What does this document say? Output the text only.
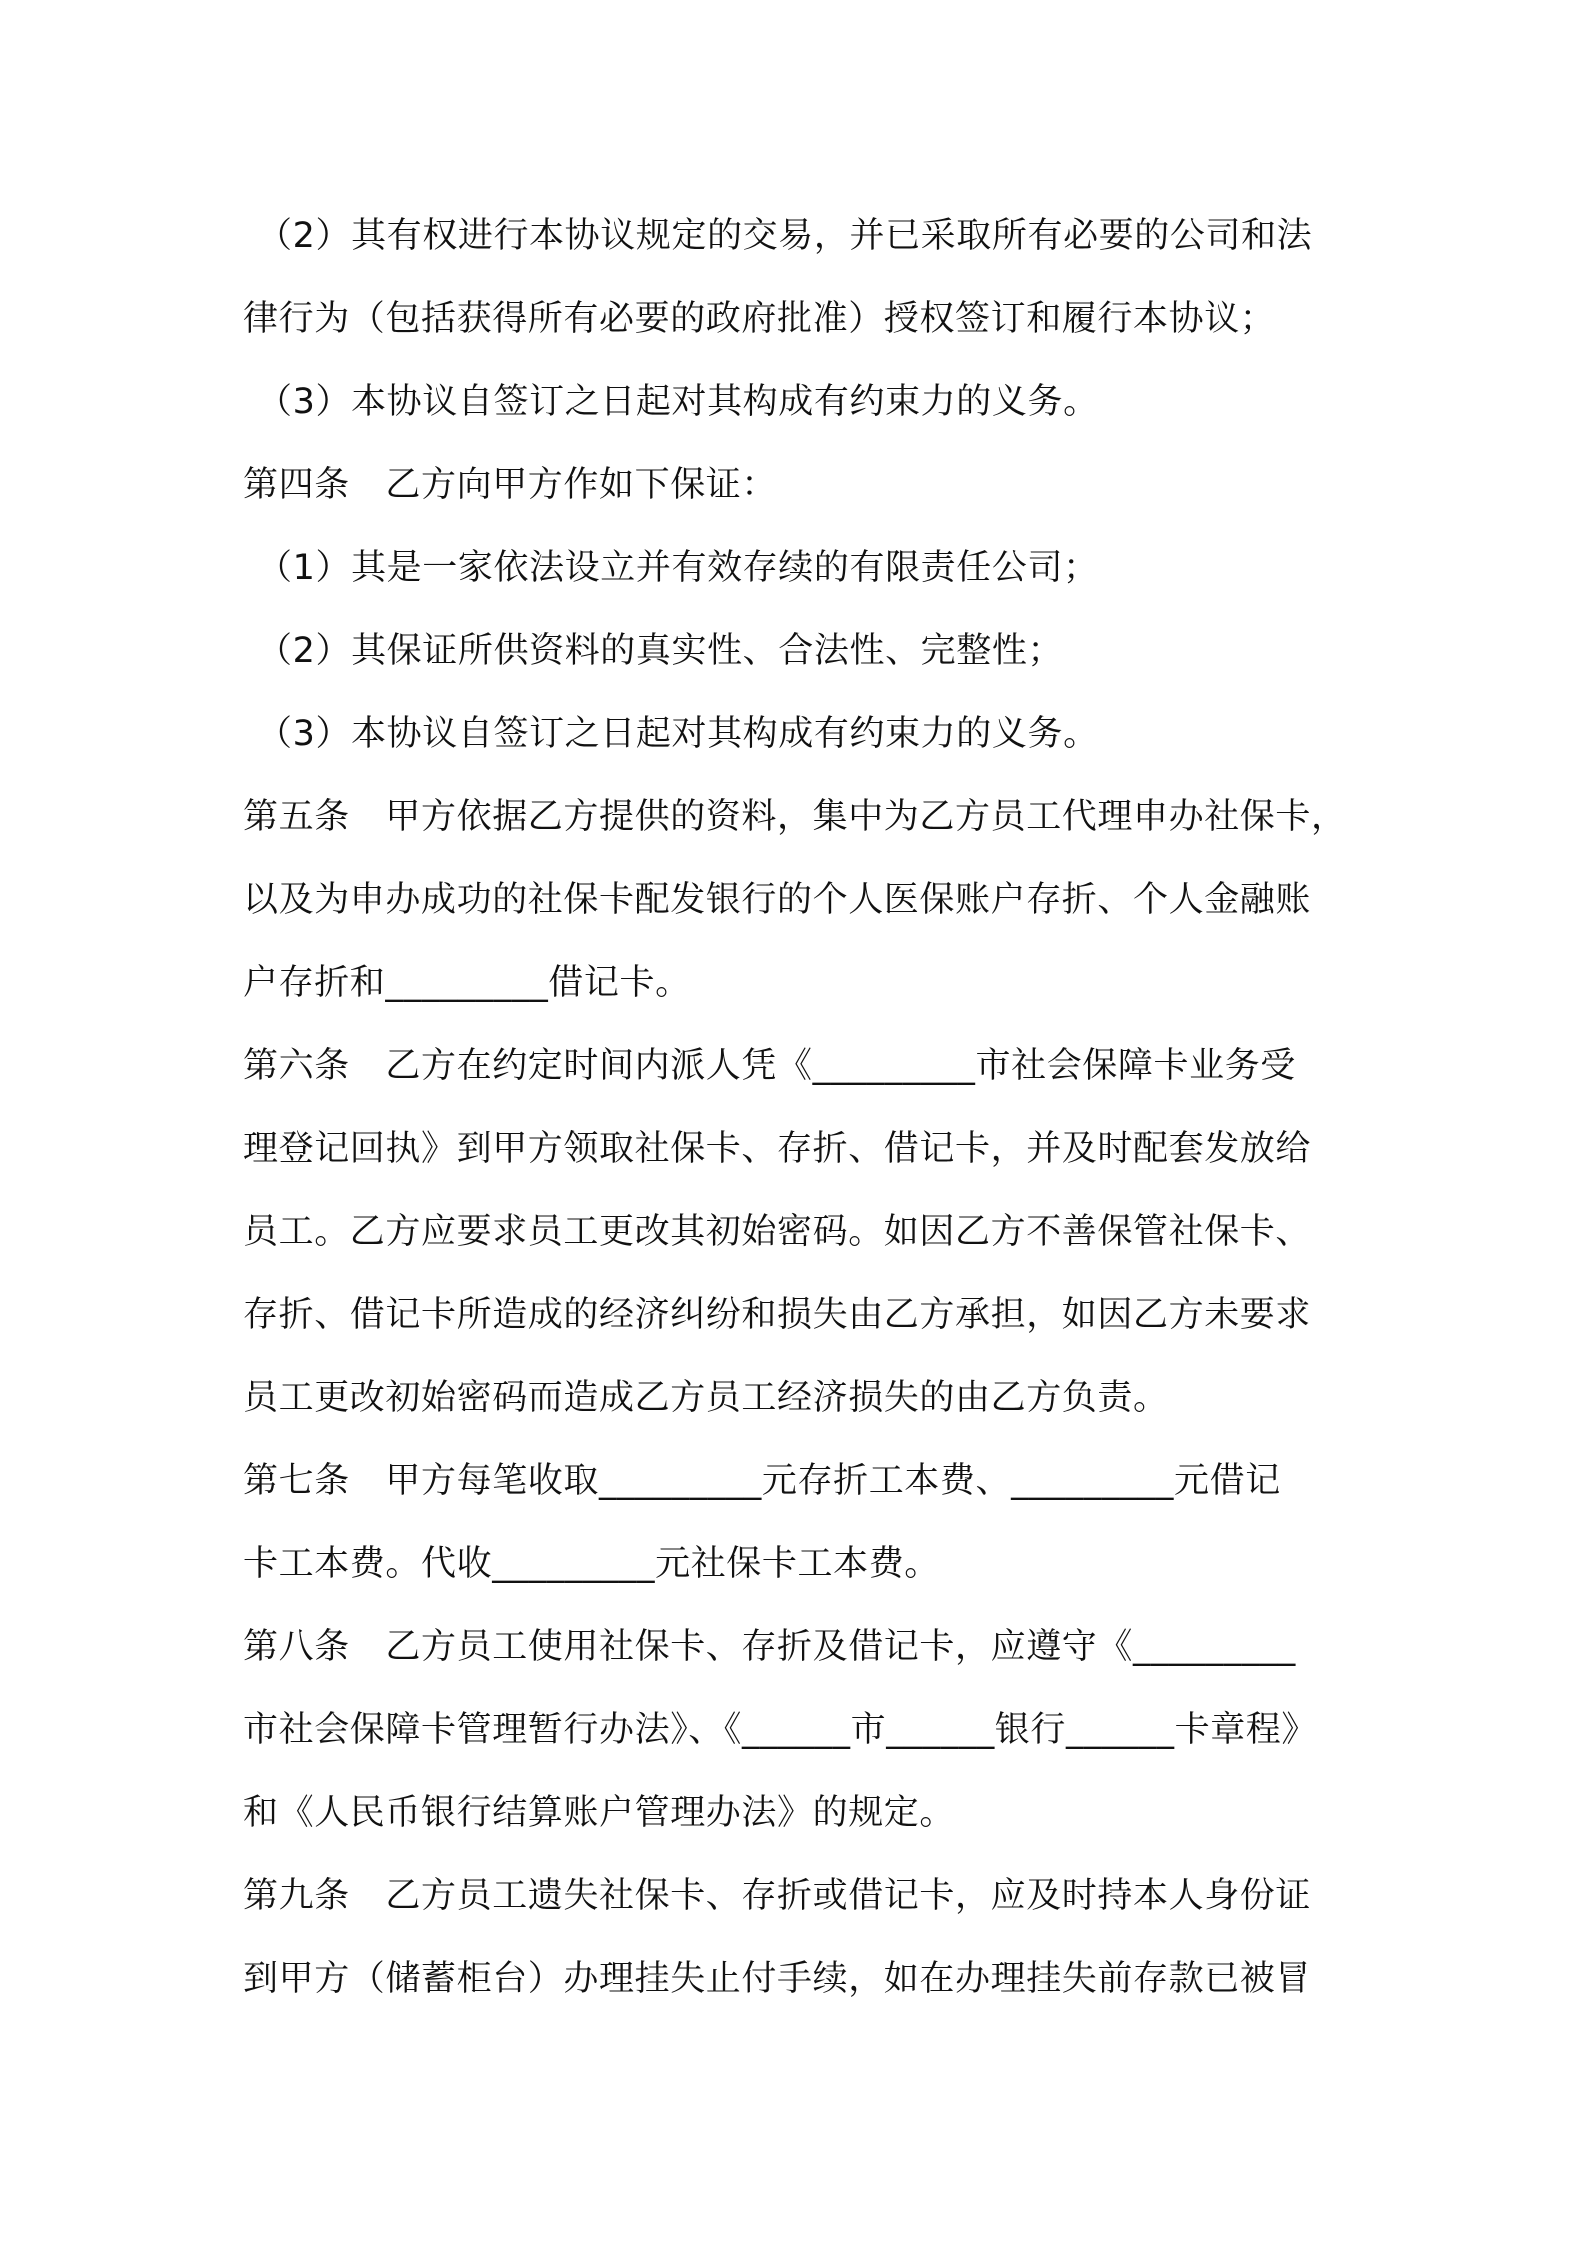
（2）其有权进行本协议规定的交易，并已采取所有必要的公司和法
律行为（包括获得所有必要的政府批准）授权签订和履行本协议；
（3）本协议自签订之日起对其构成有约束力的义务。
第四条　乙方向甲方作如下保证：
（1）其是一家依法设立并有效存续的有限责任公司；
（2）其保证所供资料的真实性、合法性、完整性；
（3）本协议自签订之日起对其构成有约束力的义务。
第五条　甲方依据乙方提供的资料，集中为乙方员工代理申办社保卡，
以及为申办成功的社保卡配发银行的个人医保账户存折、个人金融账
户存折和_________借记卡。
第六条　乙方在约定时间内派人凭《_________市社会保障卡业务受
理登记回执》到甲方领取社保卡、存折、借记卡，并及时配套发放给
员工。乙方应要求员工更改其初始密码。如因乙方不善保管社保卡、
存折、借记卡所造成的经济纠纷和损失由乙方承担，如因乙方未要求
员工更改初始密码而造成乙方员工经济损失的由乙方负责。
第七条　甲方每笔收取_________元存折工本费、_________元借记
卡工本费。代收_________元社保卡工本费。
第八条　乙方员工使用社保卡、存折及借记卡，应遵守《_________
市社会保障卡管理暂行办法》、《______市______银行______卡章程》
和《人民币银行结算账户管理办法》的规定。
第九条　乙方员工遗失社保卡、存折或借记卡，应及时持本人身份证
到甲方（储蓄柜台）办理挂失止付手续，如在办理挂失前存款已被冒
